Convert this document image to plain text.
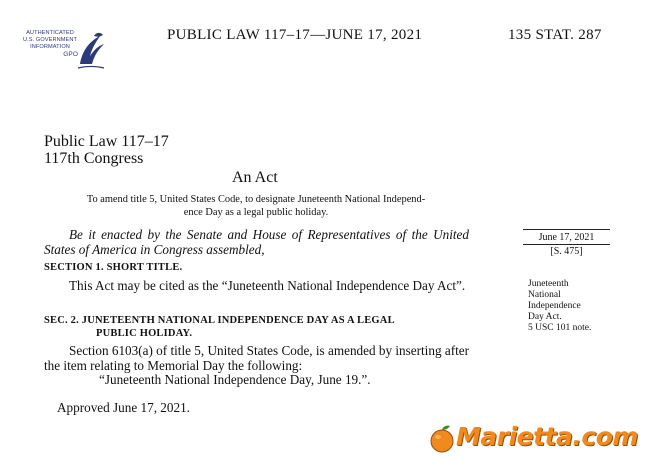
AUTHENTICATED
U.S. GOVERNMENT
INFORMATION
GPO
PUBLIC LAW 117–17—JUNE 17, 2021	135 STAT. 287
Public Law 117–17
117th Congress
An Act
To amend title 5, United States Code, to designate Juneteenth National Independ-
ence Day as a legal public holiday.
Be it enacted by the Senate and House of Representatives of the United States of America in Congress assembled,
SECTION 1. SHORT TITLE.
This Act may be cited as the “Juneteenth National Independence Day Act”.
SEC. 2. JUNETEENTH NATIONAL INDEPENDENCE DAY AS A LEGAL
PUBLIC HOLIDAY.
Section 6103(a) of title 5, United States Code, is amended by inserting after the item relating to Memorial Day the following:
“Juneteenth National Independence Day, June 19.”.
Approved June 17, 2021.
June 17, 2021
[S. 475]
Juneteenth
National
Independence
Day Act.
5 USC 101 note.
Marietta.com
